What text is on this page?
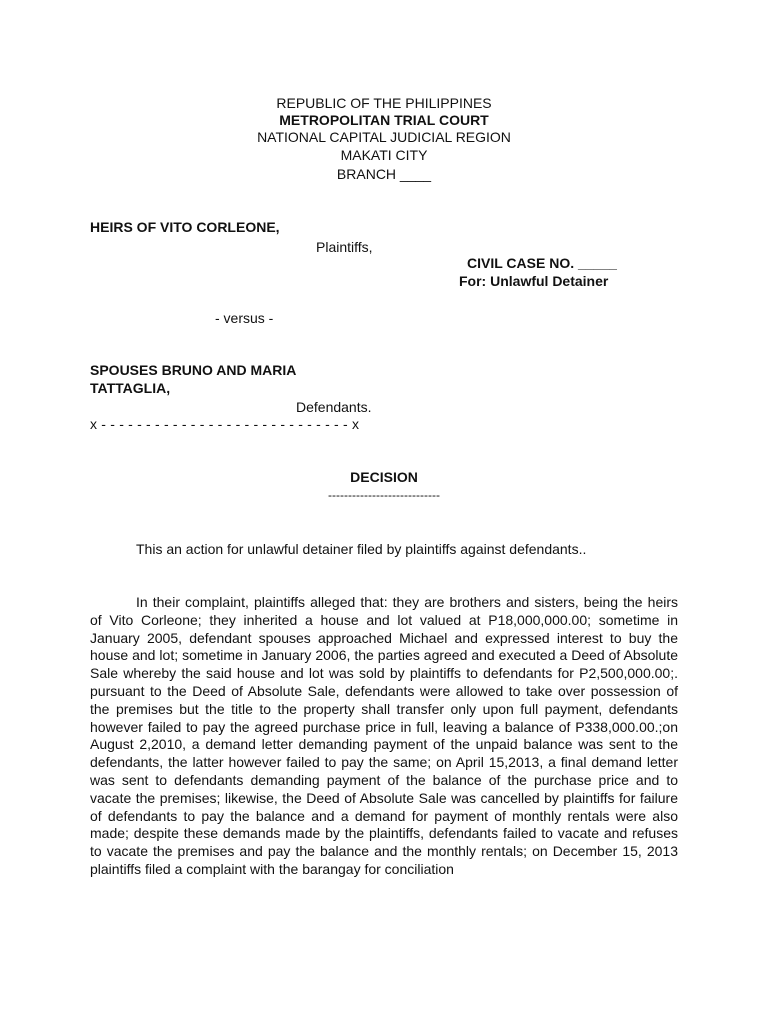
REPUBLIC OF THE PHILIPPINES
METROPOLITAN TRIAL COURT
NATIONAL CAPITAL JUDICIAL REGION
MAKATI CITY
BRANCH ____
HEIRS OF VITO CORLEONE,
Plaintiffs,
CIVIL CASE NO. _____
For: Unlawful Detainer
- versus -
SPOUSES BRUNO AND MARIA
TATTAGLIA,
Defendants.
x - - - - - - - - - - - - - - - - - - - - - - - - - - - - x
DECISION
----------------------------
This an action for unlawful detainer filed by plaintiffs against defendants..
In their complaint, plaintiffs alleged that: they are brothers and sisters, being the heirs of Vito Corleone; they inherited a house and lot valued at P18,000,000.00; sometime in January 2005, defendant spouses approached Michael and expressed interest to buy the house and lot; sometime in January 2006, the parties agreed and executed a Deed of Absolute Sale whereby the said house and lot was sold by plaintiffs to defendants for P2,500,000.00;. pursuant to the Deed of Absolute Sale, defendants were allowed to take over possession of the premises but the title to the property shall transfer only upon full payment, defendants however failed to pay the agreed purchase price in full, leaving a balance of P338,000.00.;on August 2,2010, a demand letter demanding payment of the unpaid balance was sent to the defendants, the latter however failed to pay the same; on April 15,2013, a final demand letter was sent to defendants demanding payment of the balance of the purchase price and to vacate the premises; likewise, the Deed of Absolute Sale was cancelled by plaintiffs for failure of defendants to pay the balance and a demand for payment of monthly rentals were also made; despite these demands made by the plaintiffs, defendants failed to vacate and refuses to vacate the premises and pay the balance and the monthly rentals; on December 15, 2013 plaintiffs filed a complaint with the barangay for conciliation
